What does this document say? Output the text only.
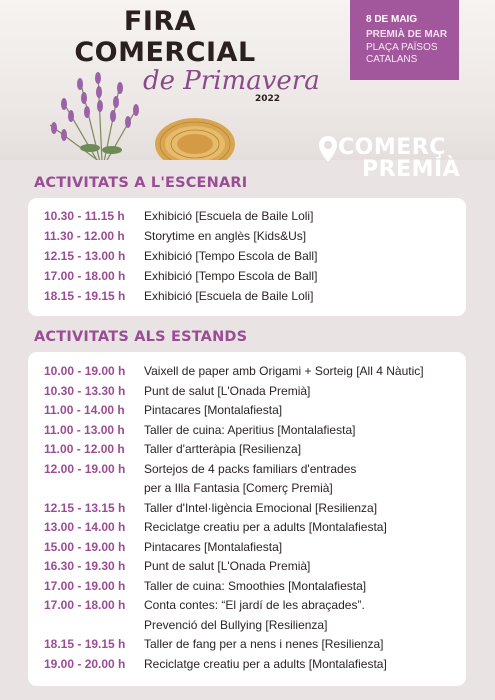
FIRA
COMERCIAL
de Primavera
2022
8 DE MAIG
PREMIÀ DE MAR
PLAÇA PAÏSOS
CATALANS
COMERÇ
PREMIÀ
ACTIVITATS A L'ESCENARI
10.30 - 11.15 h	Exhibició [Escuela de Baile Loli]
11.30 - 12.00 h	Storytime en anglès [Kids&Us]
12.15 - 13.00 h	Exhibició [Tempo Escola de Ball]
17.00 - 18.00 h	Exhibició [Tempo Escola de Ball]
18.15 - 19.15 h	Exhibició [Escuela de Baile Loli]
ACTIVITATS ALS ESTANDS
10.00 - 19.00 h	Vaixell de paper amb Origami + Sorteig [All 4 Nàutic]
10.30 - 13.30 h	Punt de salut [L'Onada Premià]
11.00 - 14.00 h	Pintacares [Montalafiesta]
11.00 - 13.00 h	Taller de cuina: Aperitius [Montalafiesta]
11.00 - 12.00 h	Taller d'artteràpia [Resilienza]
12.00 - 19.00 h	Sortejos de 4 packs familiars d'entrades
per a Illa Fantasia [Comerç Premià]
12.15 - 13.15 h	Taller d'Intel·ligència Emocional [Resilienza]
13.00 - 14.00 h	Reciclatge creatiu per a adults [Montalafiesta]
15.00 - 19.00 h	Pintacares [Montalafiesta]
16.30 - 19.30 h	Punt de salut [L'Onada Premià]
17.00 - 19.00 h	Taller de cuina: Smoothies [Montalafiesta]
17.00 - 18.00 h	Conta contes: “El jardí de les abraçades”.
Prevenció del Bullying [Resilienza]
18.15 - 19.15 h	Taller de fang per a nens i nenes [Resilienza]
19.00 - 20.00 h	Reciclatge creatiu per a adults [Montalafiesta]
